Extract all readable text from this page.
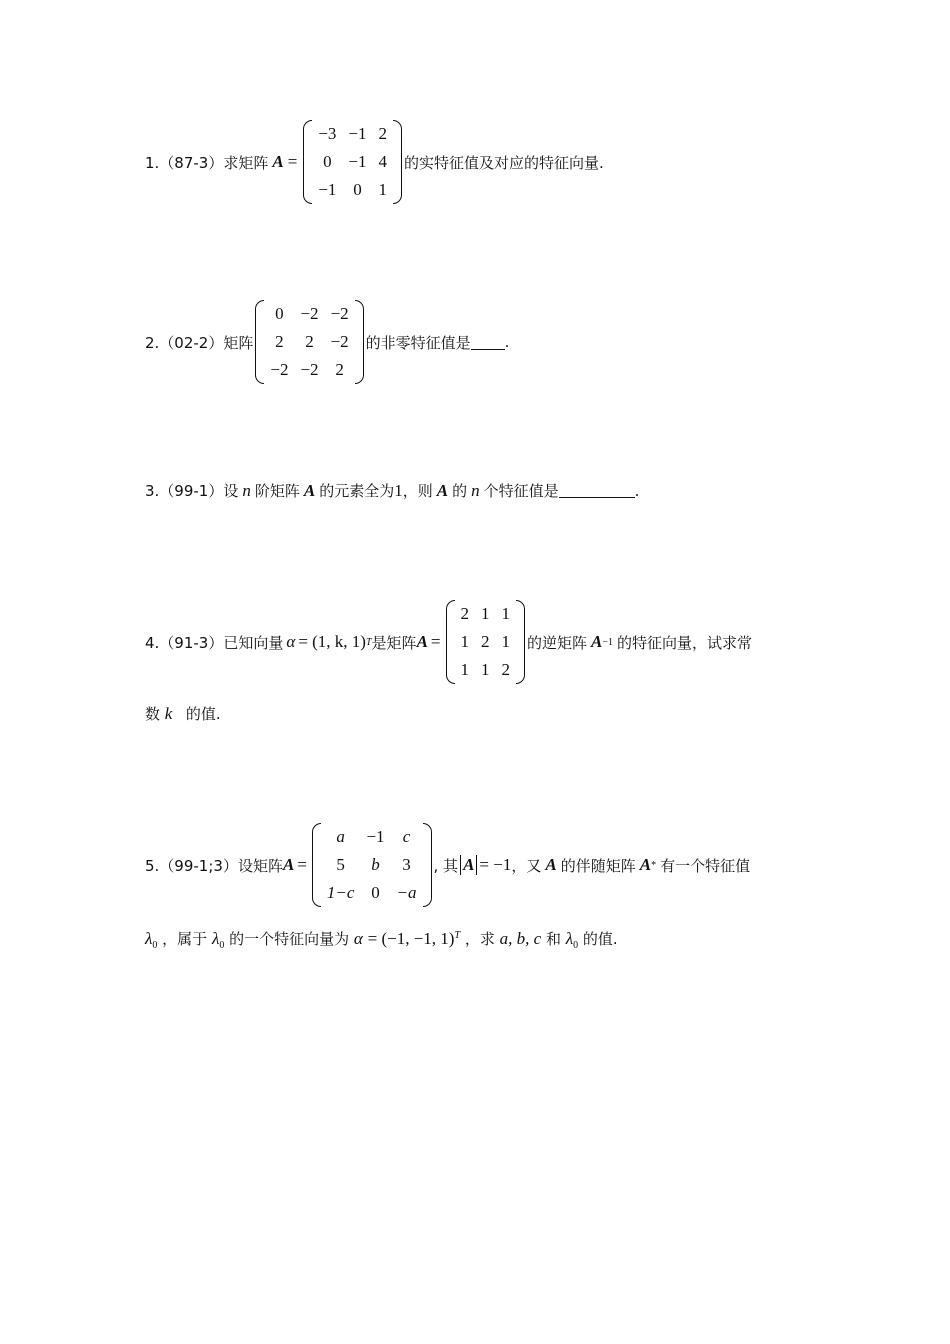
1.（87-3） 求矩阵 A =
−3	−1	2
0	−1	4
−1	0	1
的实特征值及对应的特征向量.
2.（02-2） 矩阵
0	−2	−2
2	2	−2
−2	−2	2
的非零特征值是 .
3.（99-1） 设 n 阶矩阵 A 的元素全为 1 ，则 A 的 n 个特征值是	.
4.（91-3） 已知向量 α = (1, k, 1) T 是矩阵 A =
2	1	1
1	2	1
1	1	2
的逆矩阵 A −1 的特征向量，试求常
数 k 的值.
5.（99-1;3） 设矩阵 A =
a	−1	c
5	b	3
1−c	0	−a
, 其 A = −1 ，又 A 的伴随矩阵 A * 有一个特征值
$\lambda_0$ ，属于 $\lambda_0$ 的一个特征向量为 α = (−1, −1, 1)$^T$ ，求 a, b, c 和 $\lambda_0$ 的值.
